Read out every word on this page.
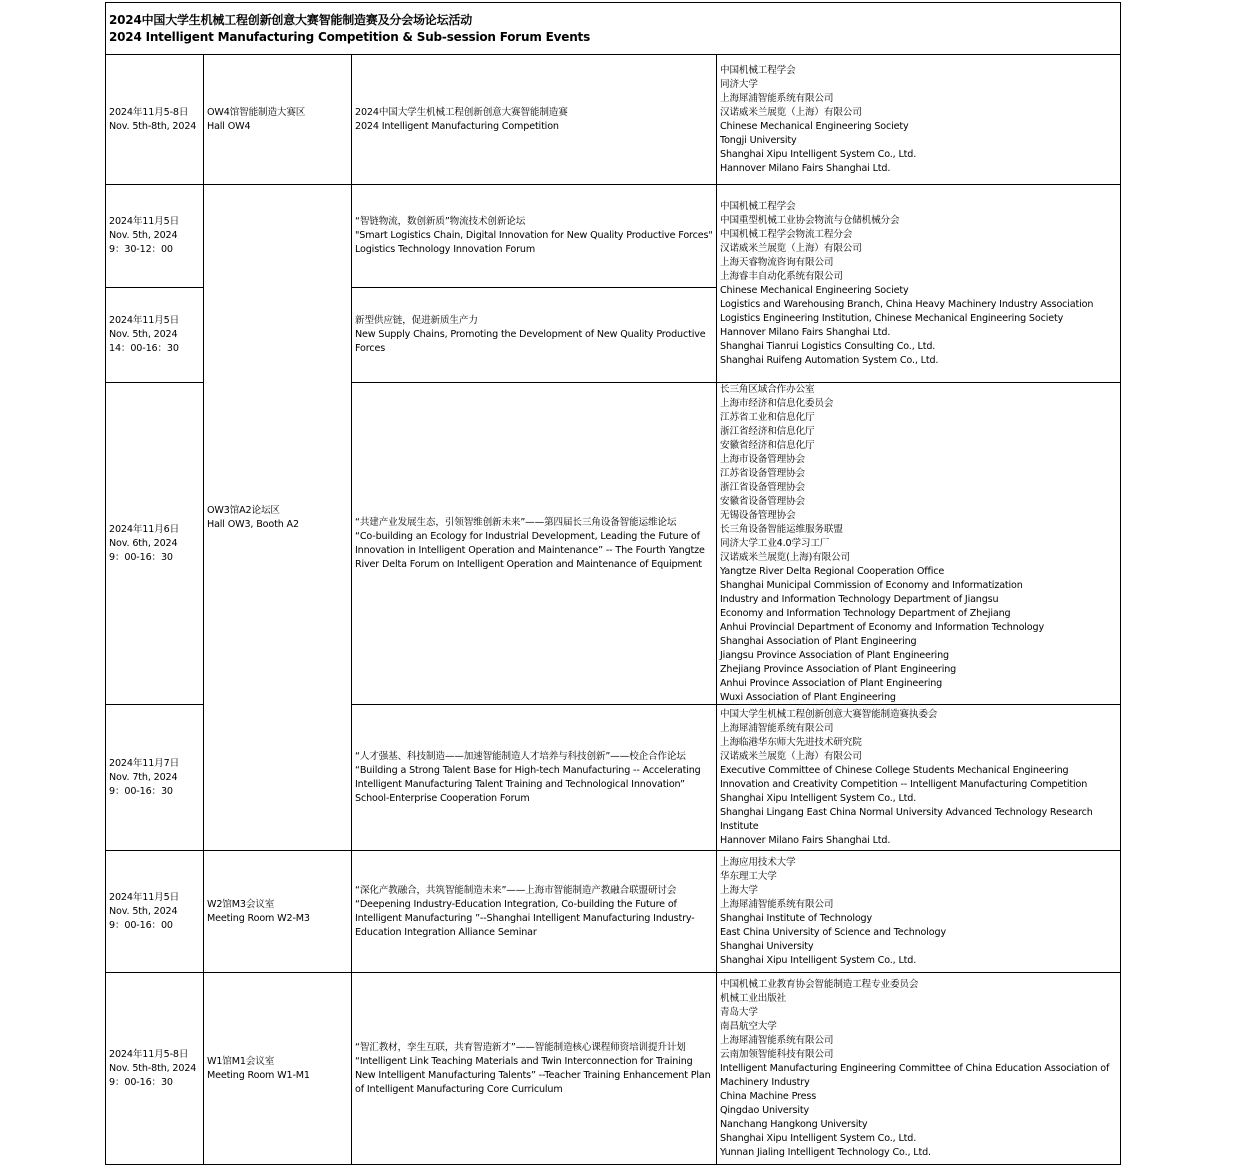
2024中国大学生机械工程创新创意大赛智能制造赛及分会场论坛活动
2024 Intelligent Manufacturing Competition & Sub-session Forum Events
2024年11月5-8日
Nov. 5th-8th, 2024
OW4馆智能制造大赛区
Hall OW4
2024中国大学生机械工程创新创意大赛智能制造赛
2024 Intelligent Manufacturing Competition
中国机械工程学会
同济大学
上海犀浦智能系统有限公司
汉诺威米兰展览（上海）有限公司
Chinese Mechanical Engineering Society
Tongji University
Shanghai Xipu Intelligent System Co., Ltd.
Hannover Milano Fairs Shanghai Ltd.
2024年11月5日
Nov. 5th, 2024
9：30-12：00
OW3馆A2论坛区
Hall OW3, Booth A2
“智链物流，数创新质”物流技术创新论坛
"Smart Logistics Chain, Digital Innovation for New Quality Productive Forces" Logistics Technology Innovation Forum
中国机械工程学会
中国重型机械工业协会物流与仓储机械分会
中国机械工程学会物流工程分会
汉诺威米兰展览（上海）有限公司
上海天睿物流咨询有限公司
上海睿丰自动化系统有限公司
Chinese Mechanical Engineering Society
Logistics and Warehousing Branch, China Heavy Machinery Industry Association
Logistics Engineering Institution, Chinese Mechanical Engineering Society
Hannover Milano Fairs Shanghai Ltd.
Shanghai Tianrui Logistics Consulting Co., Ltd.
Shanghai Ruifeng Automation System Co., Ltd.
2024年11月5日
Nov. 5th, 2024
14：00-16：30
新型供应链，促进新质生产力
New Supply Chains, Promoting the Development of New Quality Productive Forces
2024年11月6日
Nov. 6th, 2024
9：00-16：30
“共建产业发展生态，引领智维创新未来”——第四届长三角设备智能运维论坛
“Co-building an Ecology for Industrial Development, Leading the Future of Innovation in Intelligent Operation and Maintenance” -- The Fourth Yangtze River Delta Forum on Intelligent Operation and Maintenance of Equipment
长三角区域合作办公室
上海市经济和信息化委员会
江苏省工业和信息化厅
浙江省经济和信息化厅
安徽省经济和信息化厅
上海市设备管理协会
江苏省设备管理协会
浙江省设备管理协会
安徽省设备管理协会
无锡设备管理协会
长三角设备智能运维服务联盟
同济大学工业4.0学习工厂
汉诺威米兰展览(上海)有限公司
Yangtze River Delta Regional Cooperation Office
Shanghai Municipal Commission of Economy and Informatization
Industry and Information Technology Department of Jiangsu
Economy and Information Technology Department of Zhejiang
Anhui Provincial Department of Economy and Information Technology
Shanghai Association of Plant Engineering
Jiangsu Province Association of Plant Engineering
Zhejiang Province Association of Plant Engineering
Anhui Province Association of Plant Engineering
Wuxi Association of Plant Engineering
2024年11月7日
Nov. 7th, 2024
9：00-16：30
“人才强基、科技制造——加速智能制造人才培养与科技创新”——校企合作论坛
“Building a Strong Talent Base for High-tech Manufacturing -- Accelerating Intelligent Manufacturing Talent Training and Technological Innovation” School-Enterprise Cooperation Forum
中国大学生机械工程创新创意大赛智能制造赛执委会
上海犀浦智能系统有限公司
上海临港华东师大先进技术研究院
汉诺威米兰展览（上海）有限公司
Executive Committee of Chinese College Students Mechanical Engineering Innovation and Creativity Competition -- Intelligent Manufacturing Competition
Shanghai Xipu Intelligent System Co., Ltd.
Shanghai Lingang East China Normal University Advanced Technology Research Institute
Hannover Milano Fairs Shanghai Ltd.
2024年11月5日
Nov. 5th, 2024
9：00-16：00
W2馆M3会议室
Meeting Room W2-M3
“深化产教融合，共筑智能制造未来”——上海市智能制造产教融合联盟研讨会
“Deepening Industry-Education Integration, Co-building the Future of Intelligent Manufacturing ”--Shanghai Intelligent Manufacturing Industry-Education Integration Alliance Seminar
上海应用技术大学
华东理工大学
上海大学
上海犀浦智能系统有限公司
Shanghai Institute of Technology
East China University of Science and Technology
Shanghai University
Shanghai Xipu Intelligent System Co., Ltd.
2024年11月5-8日
Nov. 5th-8th, 2024
9：00-16：30
W1馆M1会议室
Meeting Room W1-M1
“智汇教材，孪生互联，共育智造新才”——智能制造核心课程师资培训提升计划
“Intelligent Link Teaching Materials and Twin Interconnection for Training New Intelligent Manufacturing Talents” --Teacher Training Enhancement Plan of Intelligent Manufacturing Core Curriculum
中国机械工业教育协会智能制造工程专业委员会
机械工业出版社
青岛大学
南昌航空大学
上海犀浦智能系统有限公司
云南加领智能科技有限公司
Intelligent Manufacturing Engineering Committee of China Education Association of Machinery Industry
China Machine Press
Qingdao University
Nanchang Hangkong University
Shanghai Xipu Intelligent System Co., Ltd.
Yunnan Jialing Intelligent Technology Co., Ltd.
